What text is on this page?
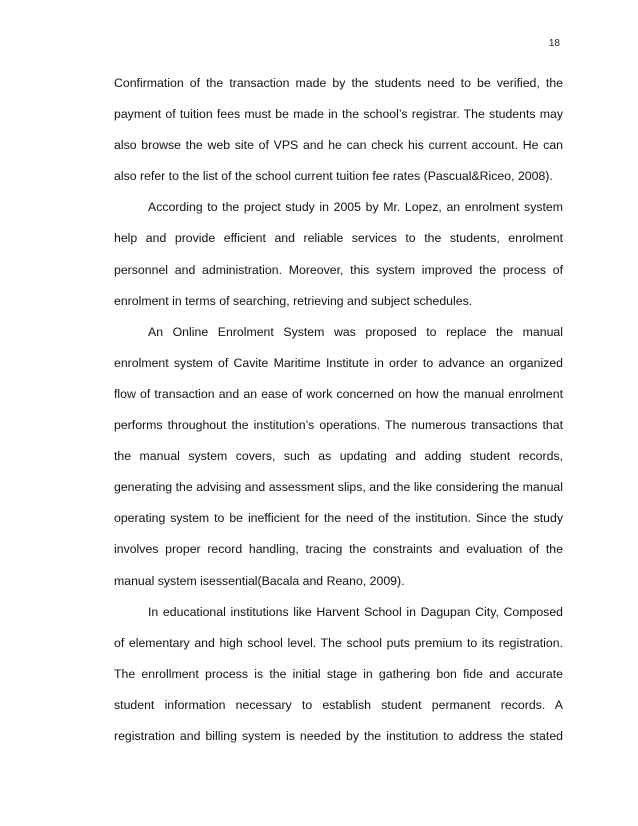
18

Confirmation of the transaction made by the students need to be verified, the payment of tuition fees must be made in the school’s registrar. The students may also browse the web site of VPS and he can check his current account. He can also refer to the list of the school current tuition fee rates (Pascual&Riceo, 2008).

According to the project study in 2005 by Mr. Lopez, an enrolment system help and provide efficient and reliable services to the students, enrolment personnel and administration. Moreover, this system improved the process of enrolment in terms of searching, retrieving and subject schedules.

An Online Enrolment System was proposed to replace the manual enrolment system of Cavite Maritime Institute in order to advance an organized flow of transaction and an ease of work concerned on how the manual enrolment performs throughout the institution’s operations. The numerous transactions that the manual system covers, such as updating and adding student records, generating the advising and assessment slips, and the like considering the manual operating system to be inefficient for the need of the institution. Since the study involves proper record handling, tracing the constraints and evaluation of the manual system isessential(Bacala and Reano, 2009).

In educational institutions like Harvent School in Dagupan City, Composed of elementary and high school level. The school puts premium to its registration. The enrollment process is the initial stage in gathering bon fide and accurate student information necessary to establish student permanent records. A registration and billing system is needed by the institution to address the stated
